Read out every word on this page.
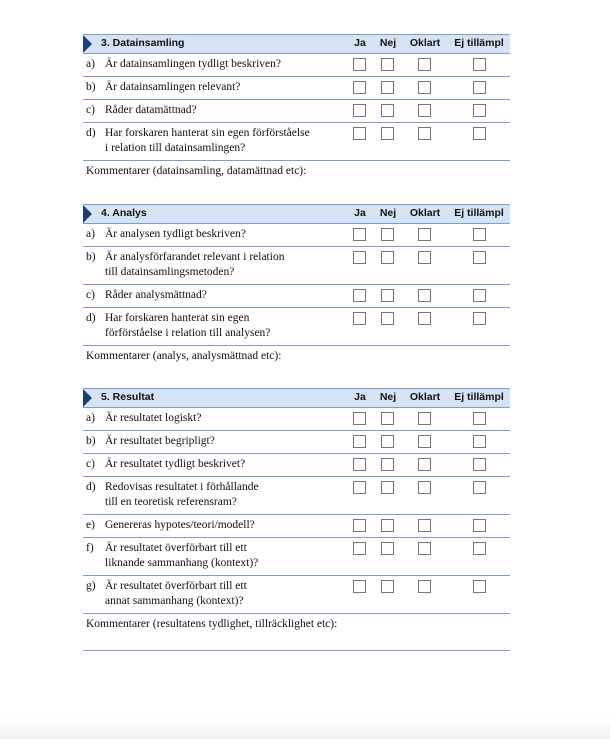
3. Datainsamling	Ja Nej Oklart Ej tillämpl
a) Är datainsamlingen tydligt beskriven?
b) Är datainsamlingen relevant?
c) Råder datamättnad?
d) Har forskaren hanterat sin egen förförståelse
i relation till datainsamlingen?
Kommentarer (datainsamling, datamättnad etc):
4. Analys	Ja Nej Oklart Ej tillämpl
a) Är analysen tydligt beskriven?
b) Är analysförfarandet relevant i relation
till datainsamlingsmetoden?
c) Råder analysmättnad?
d) Har forskaren hanterat sin egen
förförståelse i relation till analysen?
Kommentarer (analys, analysmättnad etc):
5. Resultat	Ja Nej Oklart Ej tillämpl
a) Är resultatet logiskt?
b) Är resultatet begripligt?
c) Är resultatet tydligt beskrivet?
d) Redovisas resultatet i förhållande
till en teoretisk referensram?
e) Genereras hypotes/teori/modell?
f) Är resultatet överförbart till ett
liknande sammanhang (kontext)?
g) Är resultatet överförbart till ett
annat sammanhang (kontext)?
Kommentarer (resultatens tydlighet, tillräcklighet etc):
